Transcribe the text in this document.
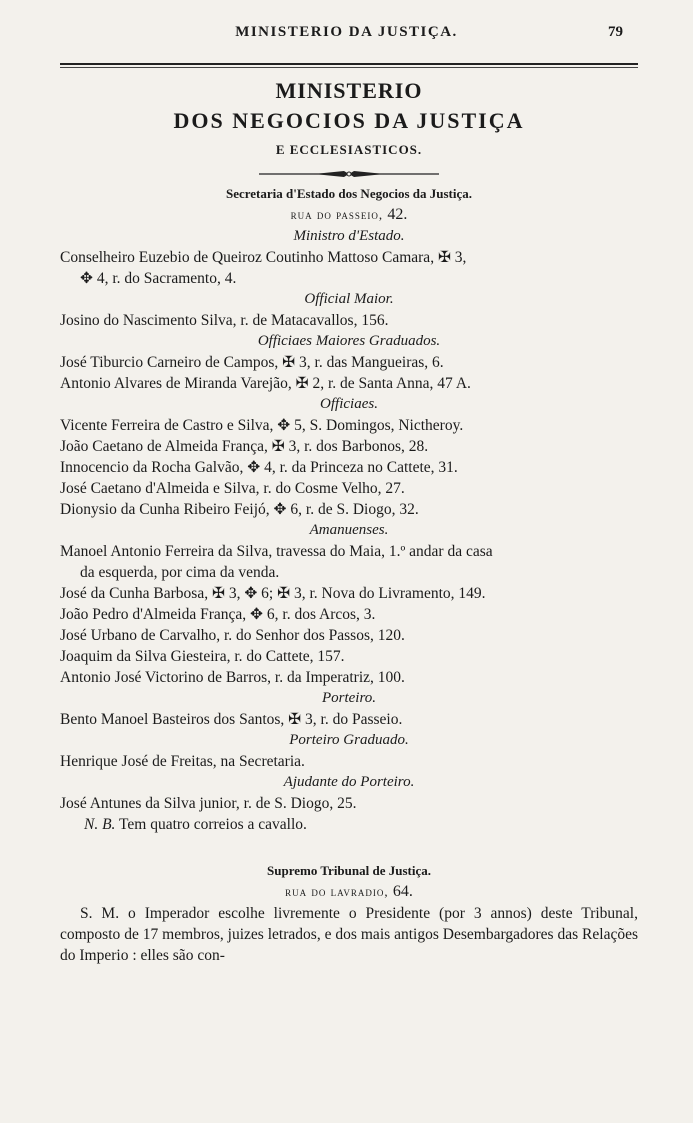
MINISTERIO DA JUSTIÇA.	79
MINISTERIO
DOS NEGOCIOS DA JUSTIÇA
E ECCLESIASTICOS.
Secretaria d'Estado dos Negocios da Justiça.
rua do passeio, 42.
Ministro d'Estado.
Conselheiro Euzebio de Queiroz Coutinho Mattoso Camara, ✠ 3,
✥ 4, r. do Sacramento, 4.
Official Maior.
Josino do Nascimento Silva, r. de Matacavallos, 156.
Officiaes Maiores Graduados.
José Tiburcio Carneiro de Campos, ✠ 3, r. das Mangueiras, 6.
Antonio Alvares de Miranda Varejão, ✠ 2, r. de Santa Anna, 47 A.
Officiaes.
Vicente Ferreira de Castro e Silva, ✥ 5, S. Domingos, Nictheroy.
João Caetano de Almeida França, ✠ 3, r. dos Barbonos, 28.
Innocencio da Rocha Galvão, ✥ 4, r. da Princeza no Cattete, 31.
José Caetano d'Almeida e Silva, r. do Cosme Velho, 27.
Dionysio da Cunha Ribeiro Feijó, ✥ 6, r. de S. Diogo, 32.
Amanuenses.
Manoel Antonio Ferreira da Silva, travessa do Maia, 1.º andar da casa
da esquerda, por cima da venda.
José da Cunha Barbosa, ✠ 3, ✥ 6; ✠ 3, r. Nova do Livramento, 149.
João Pedro d'Almeida França, ✥ 6, r. dos Arcos, 3.
José Urbano de Carvalho, r. do Senhor dos Passos, 120.
Joaquim da Silva Giesteira, r. do Cattete, 157.
Antonio José Victorino de Barros, r. da Imperatriz, 100.
Porteiro.
Bento Manoel Basteiros dos Santos, ✠ 3, r. do Passeio.
Porteiro Graduado.
Henrique José de Freitas, na Secretaria.
Ajudante do Porteiro.
José Antunes da Silva junior, r. de S. Diogo, 25.
N. B. Tem quatro correios a cavallo.
Supremo Tribunal de Justiça.
rua do lavradio, 64.
S. M. o Imperador escolhe livremente o Presidente (por 3 annos) deste Tribunal, composto de 17 membros, juizes letrados, e dos mais antigos Desembargadores das Relações do Imperio : elles são con-
